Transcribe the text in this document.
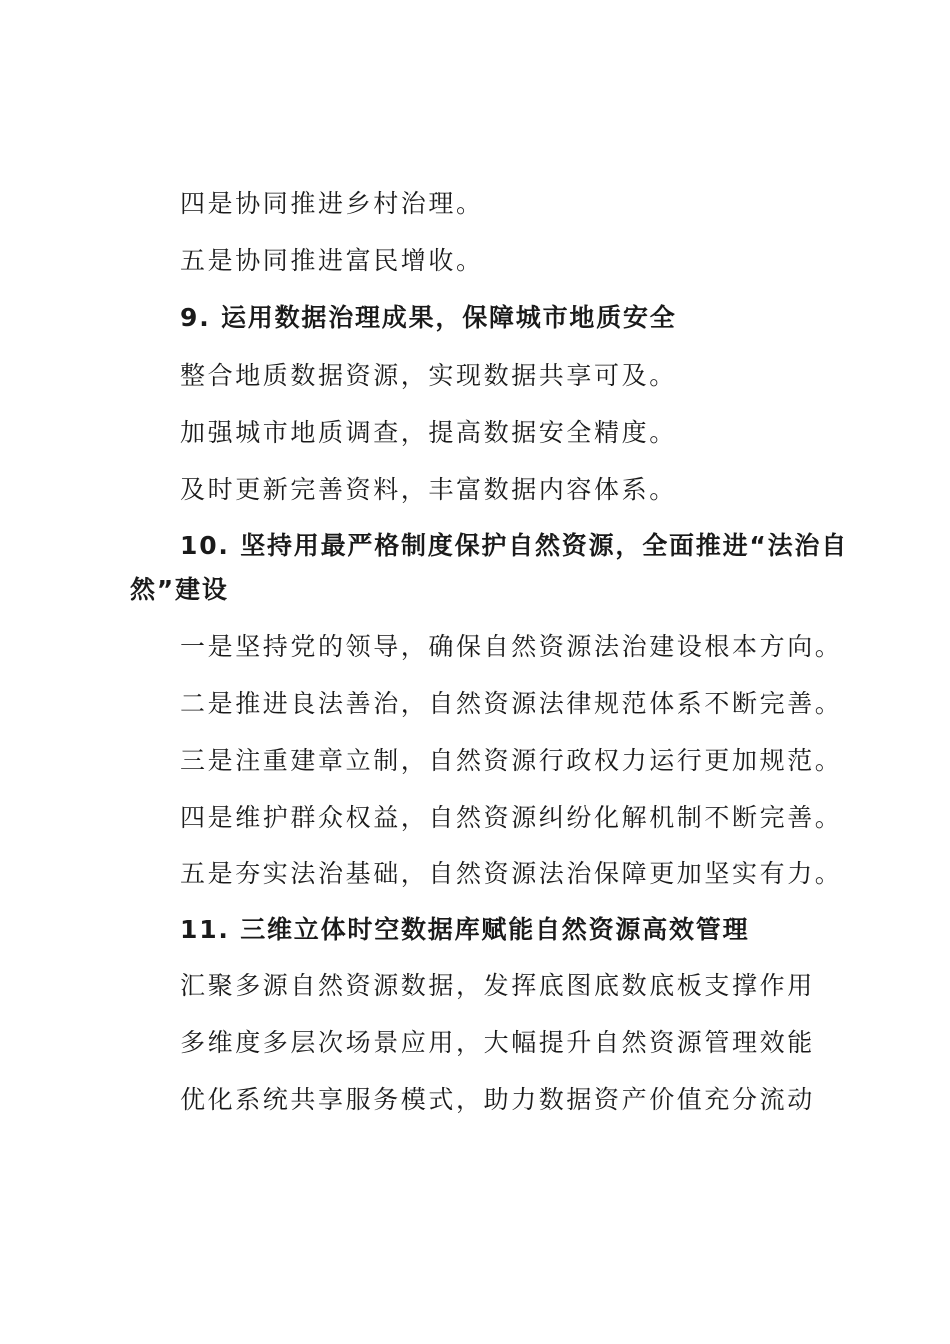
四是协同推进乡村治理。
五是协同推进富民增收。
9. 运用数据治理成果，保障城市地质安全
整合地质数据资源，实现数据共享可及。
加强城市地质调查，提高数据安全精度。
及时更新完善资料，丰富数据内容体系。
10. 坚持用最严格制度保护自然资源，全面推进“法治自
然”建设
一是坚持党的领导，确保自然资源法治建设根本方向。
二是推进良法善治，自然资源法律规范体系不断完善。
三是注重建章立制，自然资源行政权力运行更加规范。
四是维护群众权益，自然资源纠纷化解机制不断完善。
五是夯实法治基础，自然资源法治保障更加坚实有力。
11. 三维立体时空数据库赋能自然资源高效管理
汇聚多源自然资源数据，发挥底图底数底板支撑作用
多维度多层次场景应用，大幅提升自然资源管理效能
优化系统共享服务模式，助力数据资产价值充分流动
